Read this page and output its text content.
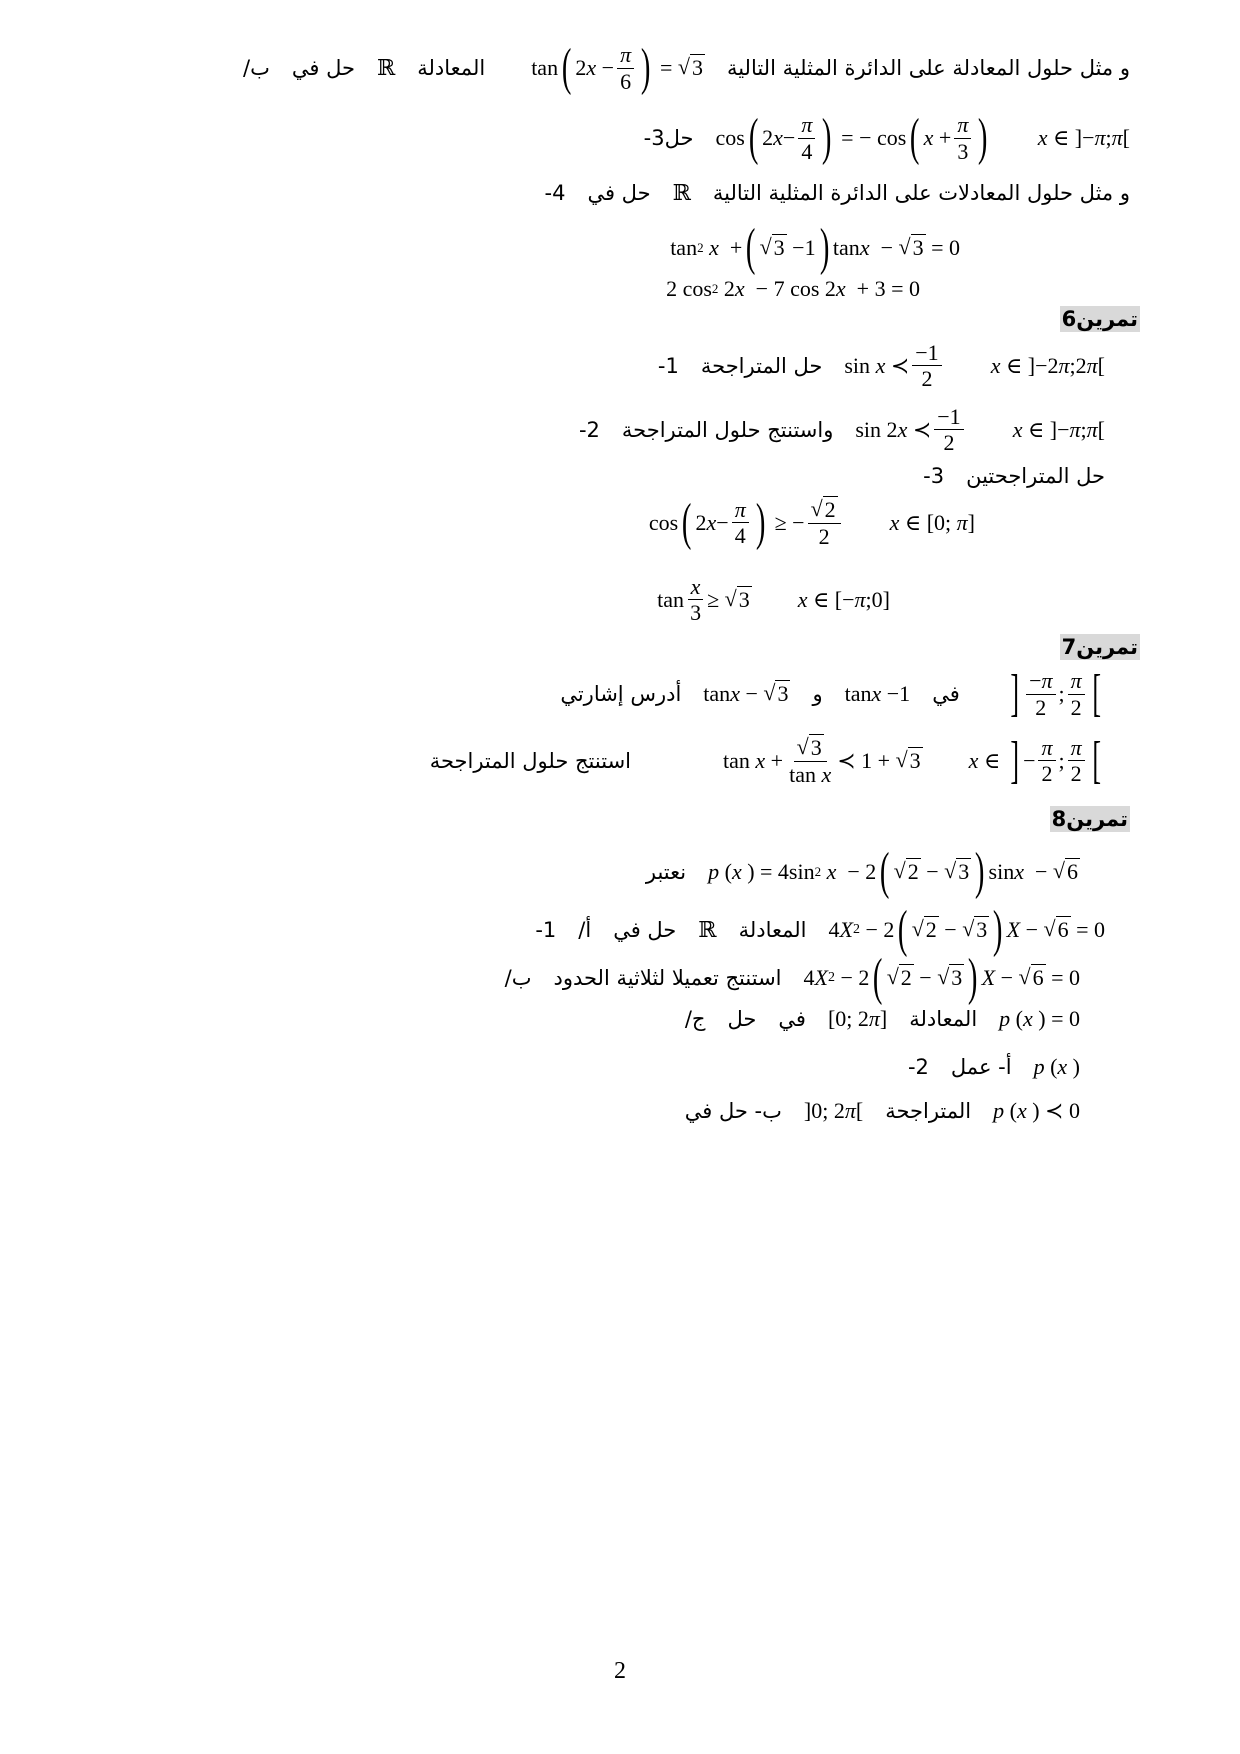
ب/ حل في ℝ المعادلة tan ( 2 $x - \frac{\pi}{6}$ ) = √ 3 و مثل حلول المعادلة على الدائرة المثلية التالية
3- حل cos ( 2 $x - \frac{\pi}{4}$ ) = − cos ( $x + \frac{\pi}{3}$ ) x ∈ ]− π ; π [
4- حل في ℝ و مثل حلول المعادلات على الدائرة المثلية التالية
tan 2
x + ( √ 3 −1 ) tan x − √ 3 = 0
2 cos 2 2 x − 7 cos 2 x + 3 = 0
تمرين6
1- حل المتراجحة sin x ≺ $\frac{-1}{2}$ x ∈ ]−2 π ;2 π [
2- واستنتج حلول المتراجحة sin 2 x ≺ $\frac{-1}{2}$ x ∈ ]− π ; π [
3- حل المتراجحتين
cos ( 2 $x - \frac{\pi}{4}$ ) ≥ − $\frac{√ 2}{2}$ x ∈ [0; π ]
$\tan \frac{x}{3}$ ≥ √ 3 x ∈ [− π ;0]
تمرين7
أدرس إشارتي tan x − √ 3 و tan x −1 في ] $\frac{-\pi}{2}$ ; $\frac{\pi}{2}$ [
استنتج حلول المتراجحة	$\tan x + \frac{√ 3}{\text{tan x}}$ ≺ 1 + √ 3 x ∈ ] − $\frac{\pi}{2}$ ; $\frac{\pi}{2}$ [
تمرين8
نعتبر p ( x ) = 4sin 2
x − 2 ( √ 2 − √ 3 ) sin x − √ 6
1- أ/ حل في ℝ المعادلة 4 X 2 − 2 ( √ 2 − √ 3 ) X − √ 6 = 0
ب/ استنتج تعميلا لثلاثية الحدود 4 X 2 − 2 ( √ 2 − √ 3 ) X − √ 6 = 0
ج/ حل في [0; 2 π ] المعادلة p ( x ) = 0
2- أ- عمل p ( x )
ب- حل في ]0; 2 π [ المتراجحة p ( x ) ≺ 0
2
